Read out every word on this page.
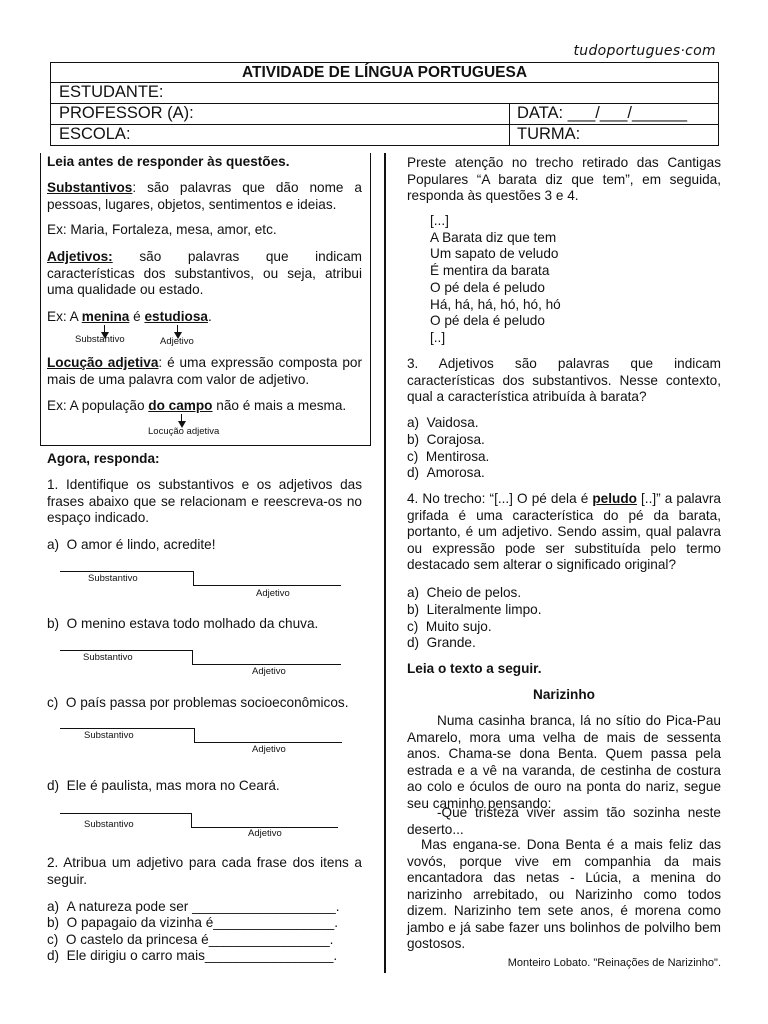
tudoportugues·com
ATIVIDADE DE LÍNGUA PORTUGUESA
ESTUDANTE:
PROFESSOR (A):	DATA: ___/___/______
ESCOLA:	TURMA:
Leia antes de responder às questões.

Substantivos: são palavras que dão nome a pessoas, lugares, objetos, sentimentos e ideias.

Ex: Maria, Fortaleza, mesa, amor, etc.

Adjetivos: são palavras que indicam características dos substantivos, ou seja, atribui uma qualidade ou estado.

Ex: A menina é estudiosa.
Substantivo	Adjetivo

Locução adjetiva: é uma expressão composta por mais de uma palavra com valor de adjetivo.

Ex: A população do campo não é mais a mesma.
Locução adjetiva
Agora, responda:

1. Identifique os substantivos e os adjetivos das frases abaixo que se relacionam e reescreva-os no espaço indicado.

a)  O amor é lindo, acredite!
Substantivo
Adjetivo
b)  O menino estava todo molhado da chuva.
Substantivo
Adjetivo
c)  O país passa por problemas socioeconômicos.
Substantivo
Adjetivo
d)  Ele é paulista, mas mora no Ceará.
Substantivo
Adjetivo

2. Atribua um adjetivo para cada frase dos itens a seguir.

a)  A natureza pode ser ___________________.
b)  O papagaio da vizinha é________________.
c)  O castelo da princesa é________________.
d)  Ele dirigiu o carro mais_________________.

Preste atenção no trecho retirado das Cantigas Populares “A barata diz que tem”, em seguida, responda às questões 3 e 4.

[...]
A Barata diz que tem
Um sapato de veludo
É mentira da barata
O pé dela é peludo
Há, há, há, hó, hó, hó
O pé dela é peludo
[..]

3. Adjetivos são palavras que indicam características dos substantivos. Nesse contexto, qual a característica atribuída à barata?

a)  Vaidosa.
b)  Corajosa.
c)  Mentirosa.
d)  Amorosa.

4. No trecho: “[...] O pé dela é peludo [..]” a palavra grifada é uma característica do pé da barata, portanto, é um adjetivo. Sendo assim, qual palavra ou expressão pode ser substituída pelo termo destacado sem alterar o significado original?

a)  Cheio de pelos.
b)  Literalmente limpo.
c)  Muito sujo.
d)  Grande.
Leia o texto a seguir.
Narizinho

Numa casinha branca, lá no sítio do Pica-Pau Amarelo, mora uma velha de mais de sessenta anos. Chama-se dona Benta. Quem passa pela estrada e a vê na varanda, de cestinha de costura ao colo e óculos de ouro na ponta do nariz, segue seu caminho pensando:

-Que tristeza viver assim tão sozinha neste deserto...

Mas engana-se. Dona Benta é a mais feliz das vovós, porque vive em companhia da mais encantadora das netas - Lúcia, a menina do narizinho arrebitado, ou Narizinho como todos dizem. Narizinho tem sete anos, é morena como jambo e já sabe fazer uns bolinhos de polvilho bem gostosos.

Monteiro Lobato. "Reinações de Narizinho".
